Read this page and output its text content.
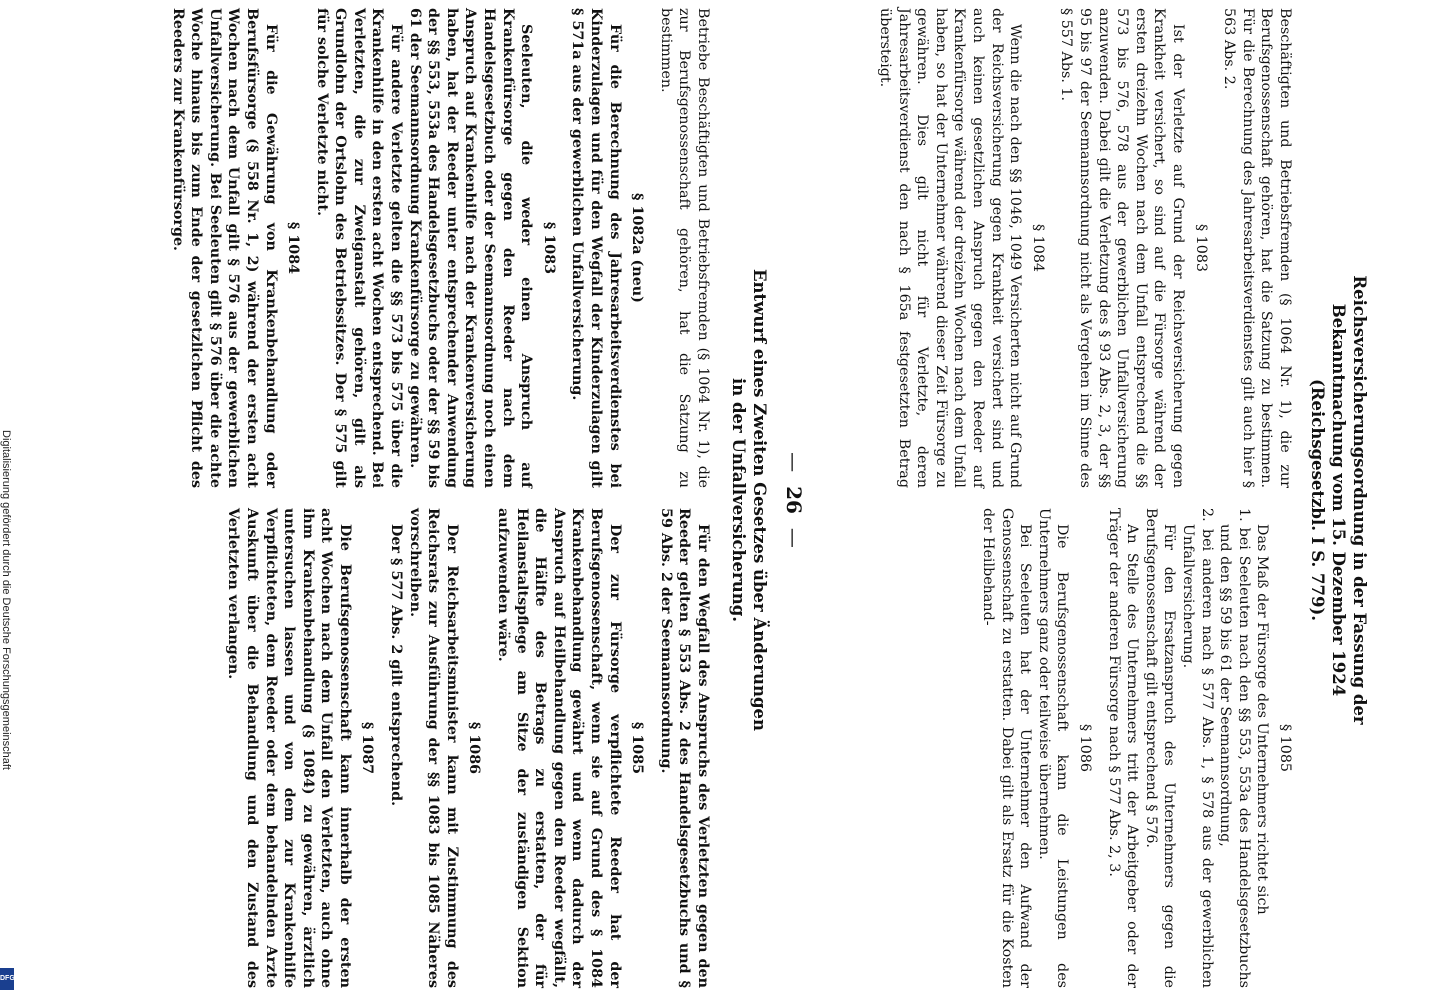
Reichsversicherungsordnung in der Fassung der
Bekanntmachung vom 15. Dezember 1924
(Reichsgesetzbl. I S. 779).

Beschäftigten und Betriebsfremden (§ 1064 Nr. 1), die zur Berufsgenossenschaft gehören, hat die Satzung zu bestimmen. Für die Berechnung des Jahresarbeitsverdienstes gilt auch hier § 563 Abs. 2.

§ 1083

Ist der Verletzte auf Grund der Reichsversicherung gegen Krankheit versichert, so sind auf die Fürsorge während der ersten dreizehn Wochen nach dem Unfall entsprechend die §§ 573 bis 576, 578 aus der gewerblichen Unfallversicherung anzuwenden. Dabei gilt die Verletzung des § 93 Abs. 2, 3, der §§ 95 bis 97 der Seemannsordnung nicht als Vergehen im Sinne des § 557 Abs. 1.

§ 1084

Wenn die nach den §§ 1046, 1049 Versicherten nicht auf Grund der Reichsversicherung gegen Krankheit versichert sind und auch keinen gesetzlichen Anspruch gegen den Reeder auf Krankenfürsorge während der dreizehn Wochen nach dem Unfall haben, so hat der Unternehmer während dieser Zeit Fürsorge zu gewähren. Dies gilt nicht für Verletzte, deren Jahresarbeitsverdienst den nach § 165a festgesetzten Betrag übersteigt.

§ 1085

Das Maß der Fürsorge des Unternehmers richtet sich

1. bei Seeleuten nach den §§ 553, 553a des Handelsgesetzbuchs und den §§ 59 bis 61 der Seemannsordnung,

2. bei anderen nach § 577 Abs. 1, § 578 aus der gewerblichen Unfallversicherung.

Für den Ersatzanspruch des Unternehmers gegen die Berufsgenossenschaft gilt entsprechend § 576.

An Stelle des Unternehmers tritt der Arbeitgeber oder der Träger der anderen Fürsorge nach § 577 Abs. 2, 3.

§ 1086

Die Berufsgenossenschaft kann die Leistungen des Unternehmers ganz oder teilweise übernehmen.

Bei Seeleuten hat der Unternehmer den Aufwand der Genossenschaft zu erstatten. Dabei gilt als Ersatz für die Kosten der Heilbehand-

— 26 —
Entwurf eines Zweiten Gesetzes über Änderungen
in der Unfallversicherung.

Betriebe Beschäftigten und Betriebsfremden (§ 1064 Nr. 1), die zur Berufsgenossenschaft gehören, hat die Satzung zu bestimmen.

§ 1082a (neu)

Für die Berechnung des Jahresarbeitsverdienstes bei Kinderzulagen und für den Wegfall der Kinderzulagen gilt § 571a aus der gewerblichen Unfallversicherung.

§ 1083

Seeleuten, die weder einen Anspruch auf Krankenfürsorge gegen den Reeder nach dem Handelsgesetzbuch oder der Seemannsordnung noch einen Anspruch auf Krankenhilfe nach der Krankenversicherung haben, hat der Reeder unter entsprechender Anwendung der §§ 553, 553a des Handelsgesetzbuchs oder der §§ 59 bis 61 der Seemannsordnung Krankenfürsorge zu gewähren.

Für andere Verletzte gelten die §§ 573 bis 575 über die Krankenhilfe in den ersten acht Wochen entsprechend. Bei Verletzten, die zur Zweiganstalt gehören, gilt als Grundlohn der Ortslohn des Betriebssitzes. Der § 575 gilt für solche Verletzte nicht.

§ 1084

Für die Gewährung von Krankenbehandlung oder Berufsfürsorge (§ 558 Nr. 1, 2) während der ersten acht Wochen nach dem Unfall gilt § 576 aus der gewerblichen Unfallversicherung. Bei Seeleuten gilt § 576 über die achte Woche hinaus bis zum Ende der gesetzlichen Pflicht des Reeders zur Krankenfürsorge.

Für den Wegfall des Anspruchs des Verletzten gegen den Reeder gelten § 553 Abs. 2 des Handelsgesetzbuchs und § 59 Abs. 2 der Seemannsordnung.

§ 1085

Der zur Fürsorge verpflichtete Reeder hat der Berufsgenossenschaft, wenn sie auf Grund des § 1084 Krankenbehandlung gewährt und wenn dadurch der Anspruch auf Heilbehandlung gegen den Reeder wegfällt, die Hälfte des Betrags zu erstatten, der für Heilanstaltspflege am Sitze der zuständigen Sektion aufzuwenden wäre.

§ 1086

Der Reichsarbeitsminister kann mit Zustimmung des Reichsrats zur Ausführung der §§ 1083 bis 1085 Näheres vorschreiben.

Der § 577 Abs. 2 gilt entsprechend.

§ 1087

Die Berufsgenossenschaft kann innerhalb der ersten acht Wochen nach dem Unfall den Verletzten, auch ohne ihm Krankenbehandlung (§ 1084) zu gewähren, ärztlich untersuchen lassen und von dem zur Krankenhilfe Verpflichteten, dem Reeder oder dem behandelnden Arzte Auskunft über die Behandlung und den Zustand des Verletzten verlangen.

Digitalisierung gefördert durch die Deutsche Forschungsgemeinschaft
DFG
